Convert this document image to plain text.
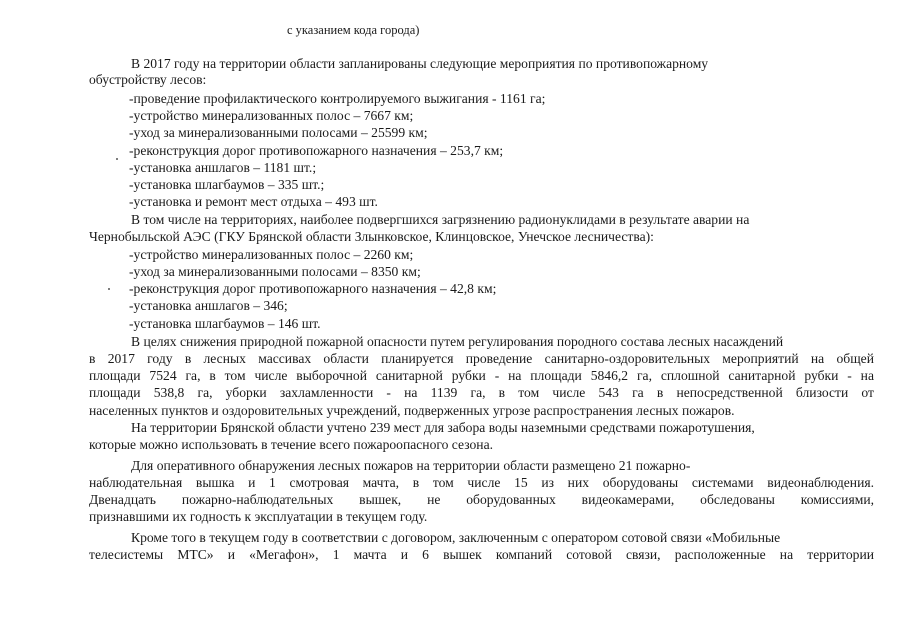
с указанием кода города)
В 2017 году на территории области запланированы следующие мероприятия по противопожарному
обустройству лесов:
-проведение профилактического контролируемого выжигания - 1161 га;
-устройство минерализованных полос – 7667 км;
-уход за минерализованными полосами – 25599 км;
-реконструкция дорог противопожарного назначения – 253,7 км;
-установка аншлагов – 1181 шт.;
-установка шлагбаумов – 335 шт.;
-установка и ремонт мест отдыха – 493 шт.
В том числе на территориях, наиболее подвергшихся загрязнению радионуклидами в результате аварии на
Чернобыльской АЭС (ГКУ Брянской области Злынковское, Клинцовское, Унечское лесничества):
-устройство минерализованных полос – 2260 км;
-уход за минерализованными полосами – 8350 км;
-реконструкция дорог противопожарного назначения – 42,8 км;
-установка аншлагов – 346;
-установка шлагбаумов – 146 шт.
В целях снижения природной пожарной опасности путем регулирования породного состава лесных насаждений
в 2017 году в лесных массивах области планируется проведение санитарно-оздоровительных мероприятий на общей
площади 7524 га, в том числе выборочной санитарной рубки - на площади 5846,2 га, сплошной санитарной рубки - на
площади 538,8 га, уборки захламленности - на 1139 га, в том числе 543 га в непосредственной близости от
населенных пунктов и оздоровительных учреждений, подверженных угрозе распространения лесных пожаров.
На территории Брянской области учтено 239 мест для забора воды наземными средствами пожаротушения,
которые можно использовать в течение всего пожароопасного сезона.
Для оперативного обнаружения лесных пожаров на территории области размещено 21 пожарно-
наблюдательная вышка и 1 смотровая мачта, в том числе 15 из них оборудованы системами видеонаблюдения.
Двенадцать пожарно-наблюдательных вышек, не оборудованных видеокамерами, обследованы комиссиями,
признавшими их годность к эксплуатации в текущем году.
Кроме того в текущем году в соответствии с договором, заключенным с оператором сотовой связи «Мобильные
телесистемы МТС» и «Мегафон», 1 мачта и 6 вышек компаний сотовой связи, расположенные на территории
